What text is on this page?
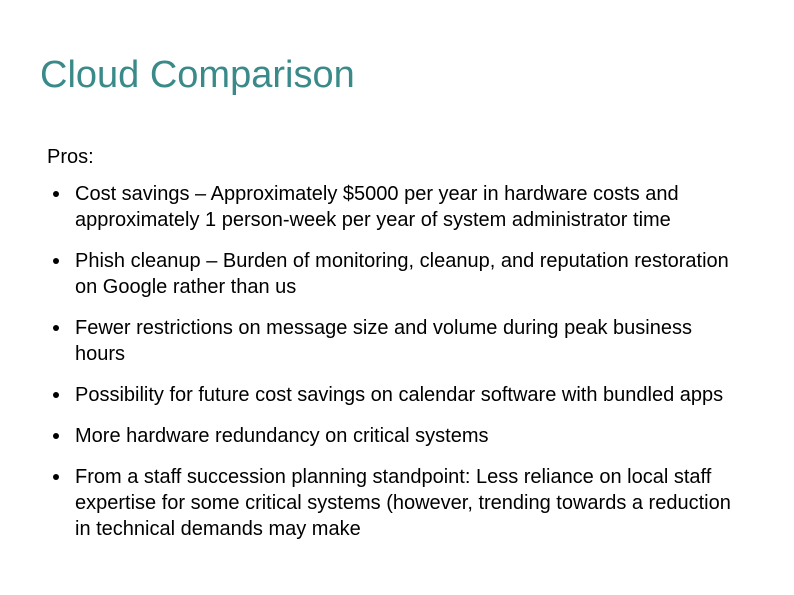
Cloud Comparison
Pros:
Cost savings – Approximately $5000 per year in hardware costs and approximately 1 person-week per year of system administrator time
Phish cleanup – Burden of monitoring, cleanup, and reputation restoration on Google rather than us
Fewer restrictions on message size and volume during peak business hours
Possibility for future cost savings on calendar software with bundled apps
More hardware redundancy on critical systems
From a staff succession planning standpoint: Less reliance on local staff expertise for some critical systems (however, trending towards a reduction in technical demands may make
